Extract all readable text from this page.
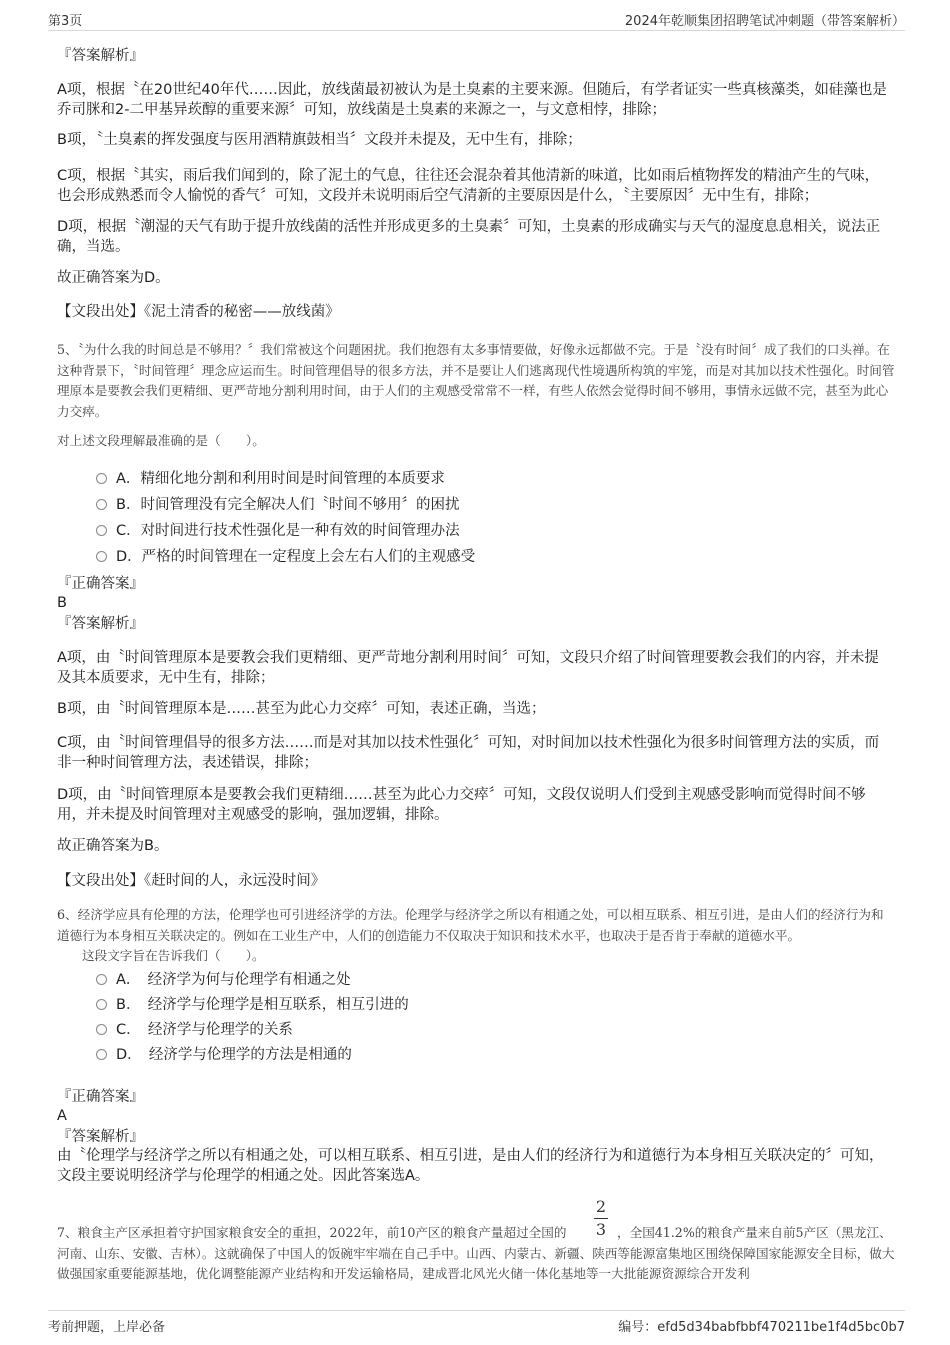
第3页	2024年乾顺集团招聘笔试冲刺题（带答案解析）
『答案解析』
A项，根据〝在20世纪40年代……因此，放线菌最初被认为是土臭素的主要来源。但随后，有学者证实一些真核藻类，如硅藻也是乔司脒和2-二甲基异莰醇的重要来源〞可知，放线菌是土臭素的来源之一，与文意相悖，排除；
B项，〝土臭素的挥发强度与医用酒精旗鼓相当〞文段并未提及，无中生有，排除；
C项，根据〝其实，雨后我们闻到的，除了泥土的气息，往往还会混杂着其他清新的味道，比如雨后植物挥发的精油产生的气味，也会形成熟悉而令人愉悦的香气〞可知，文段并未说明雨后空气清新的主要原因是什么，〝主要原因〞无中生有，排除；
D项，根据〝潮湿的天气有助于提升放线菌的活性并形成更多的土臭素〞可知，土臭素的形成确实与天气的湿度息息相关，说法正确，当选。
故正确答案为D。
【文段出处】《泥土清香的秘密——放线菌》
5、〝为什么我的时间总是不够用？〞我们常被这个问题困扰。我们抱怨有太多事情要做，好像永远都做不完。于是〝没有时间〞成了我们的口头禅。在这种背景下，〝时间管理〞理念应运而生。时间管理倡导的很多方法，并不是要让人们逃离现代性境遇所构筑的牢笼，而是对其加以技术性强化。时间管理原本是要教会我们更精细、更严苛地分割利用时间，由于人们的主观感受常常不一样，有些人依然会觉得时间不够用，事情永远做不完，甚至为此心力交瘁。
对上述文段理解最准确的是（　　）。
A．精细化地分割和利用时间是时间管理的本质要求
B．时间管理没有完全解决人们〝时间不够用〞的困扰
C．对时间进行技术性强化是一种有效的时间管理办法
D．严格的时间管理在一定程度上会左右人们的主观感受
『正确答案』
B
『答案解析』
A项，由〝时间管理原本是要教会我们更精细、更严苛地分割利用时间〞可知，文段只介绍了时间管理要教会我们的内容，并未提及其本质要求，无中生有，排除；
B项，由〝时间管理原本是……甚至为此心力交瘁〞可知，表述正确，当选；
C项，由〝时间管理倡导的很多方法……而是对其加以技术性强化〞可知，对时间加以技术性强化为很多时间管理方法的实质，而非一种时间管理方法，表述错误，排除；
D项，由〝时间管理原本是要教会我们更精细……甚至为此心力交瘁〞可知，文段仅说明人们受到主观感受影响而觉得时间不够用，并未提及时间管理对主观感受的影响，强加逻辑，排除。
故正确答案为B。
【文段出处】《赶时间的人，永远没时间》
6、经济学应具有伦理的方法，伦理学也可引进经济学的方法。伦理学与经济学之所以有相通之处，可以相互联系、相互引进，是由人们的经济行为和道德行为本身相互关联决定的。例如在工业生产中，人们的创造能力不仅取决于知识和技术水平，也取决于是否肯于奉献的道德水平。
这段文字旨在告诉我们（　　）。
A．　经济学为何与伦理学有相通之处
B．　经济学与伦理学是相互联系，相互引进的
C．　经济学与伦理学的关系
D．　经济学与伦理学的方法是相通的
『正确答案』
A
『答案解析』
由〝伦理学与经济学之所以有相通之处，可以相互联系、相互引进，是由人们的经济行为和道德行为本身相互关联决定的〞可知，文段主要说明经济学与伦理学的相通之处。因此答案选A。
2
3
7、粮食主产区承担着守护国家粮食安全的重担，2022年，前10产区的粮食产量超过全国的	，全国41.2%的粮食产量来自前5产区（黑龙江、河南、山东、安徽、吉林）。这就确保了中国人的饭碗牢牢端在自己手中。山西、内蒙古、新疆、陕西等能源富集地区围绕保障国家能源安全目标，做大做强国家重要能源基地，优化调整能源产业结构和开发运输格局，建成晋北风光火储一体化基地等一大批能源资源综合开发利
考前押题，上岸必备	编号：efd5d34babfbbf470211be1f4d5bc0b7
